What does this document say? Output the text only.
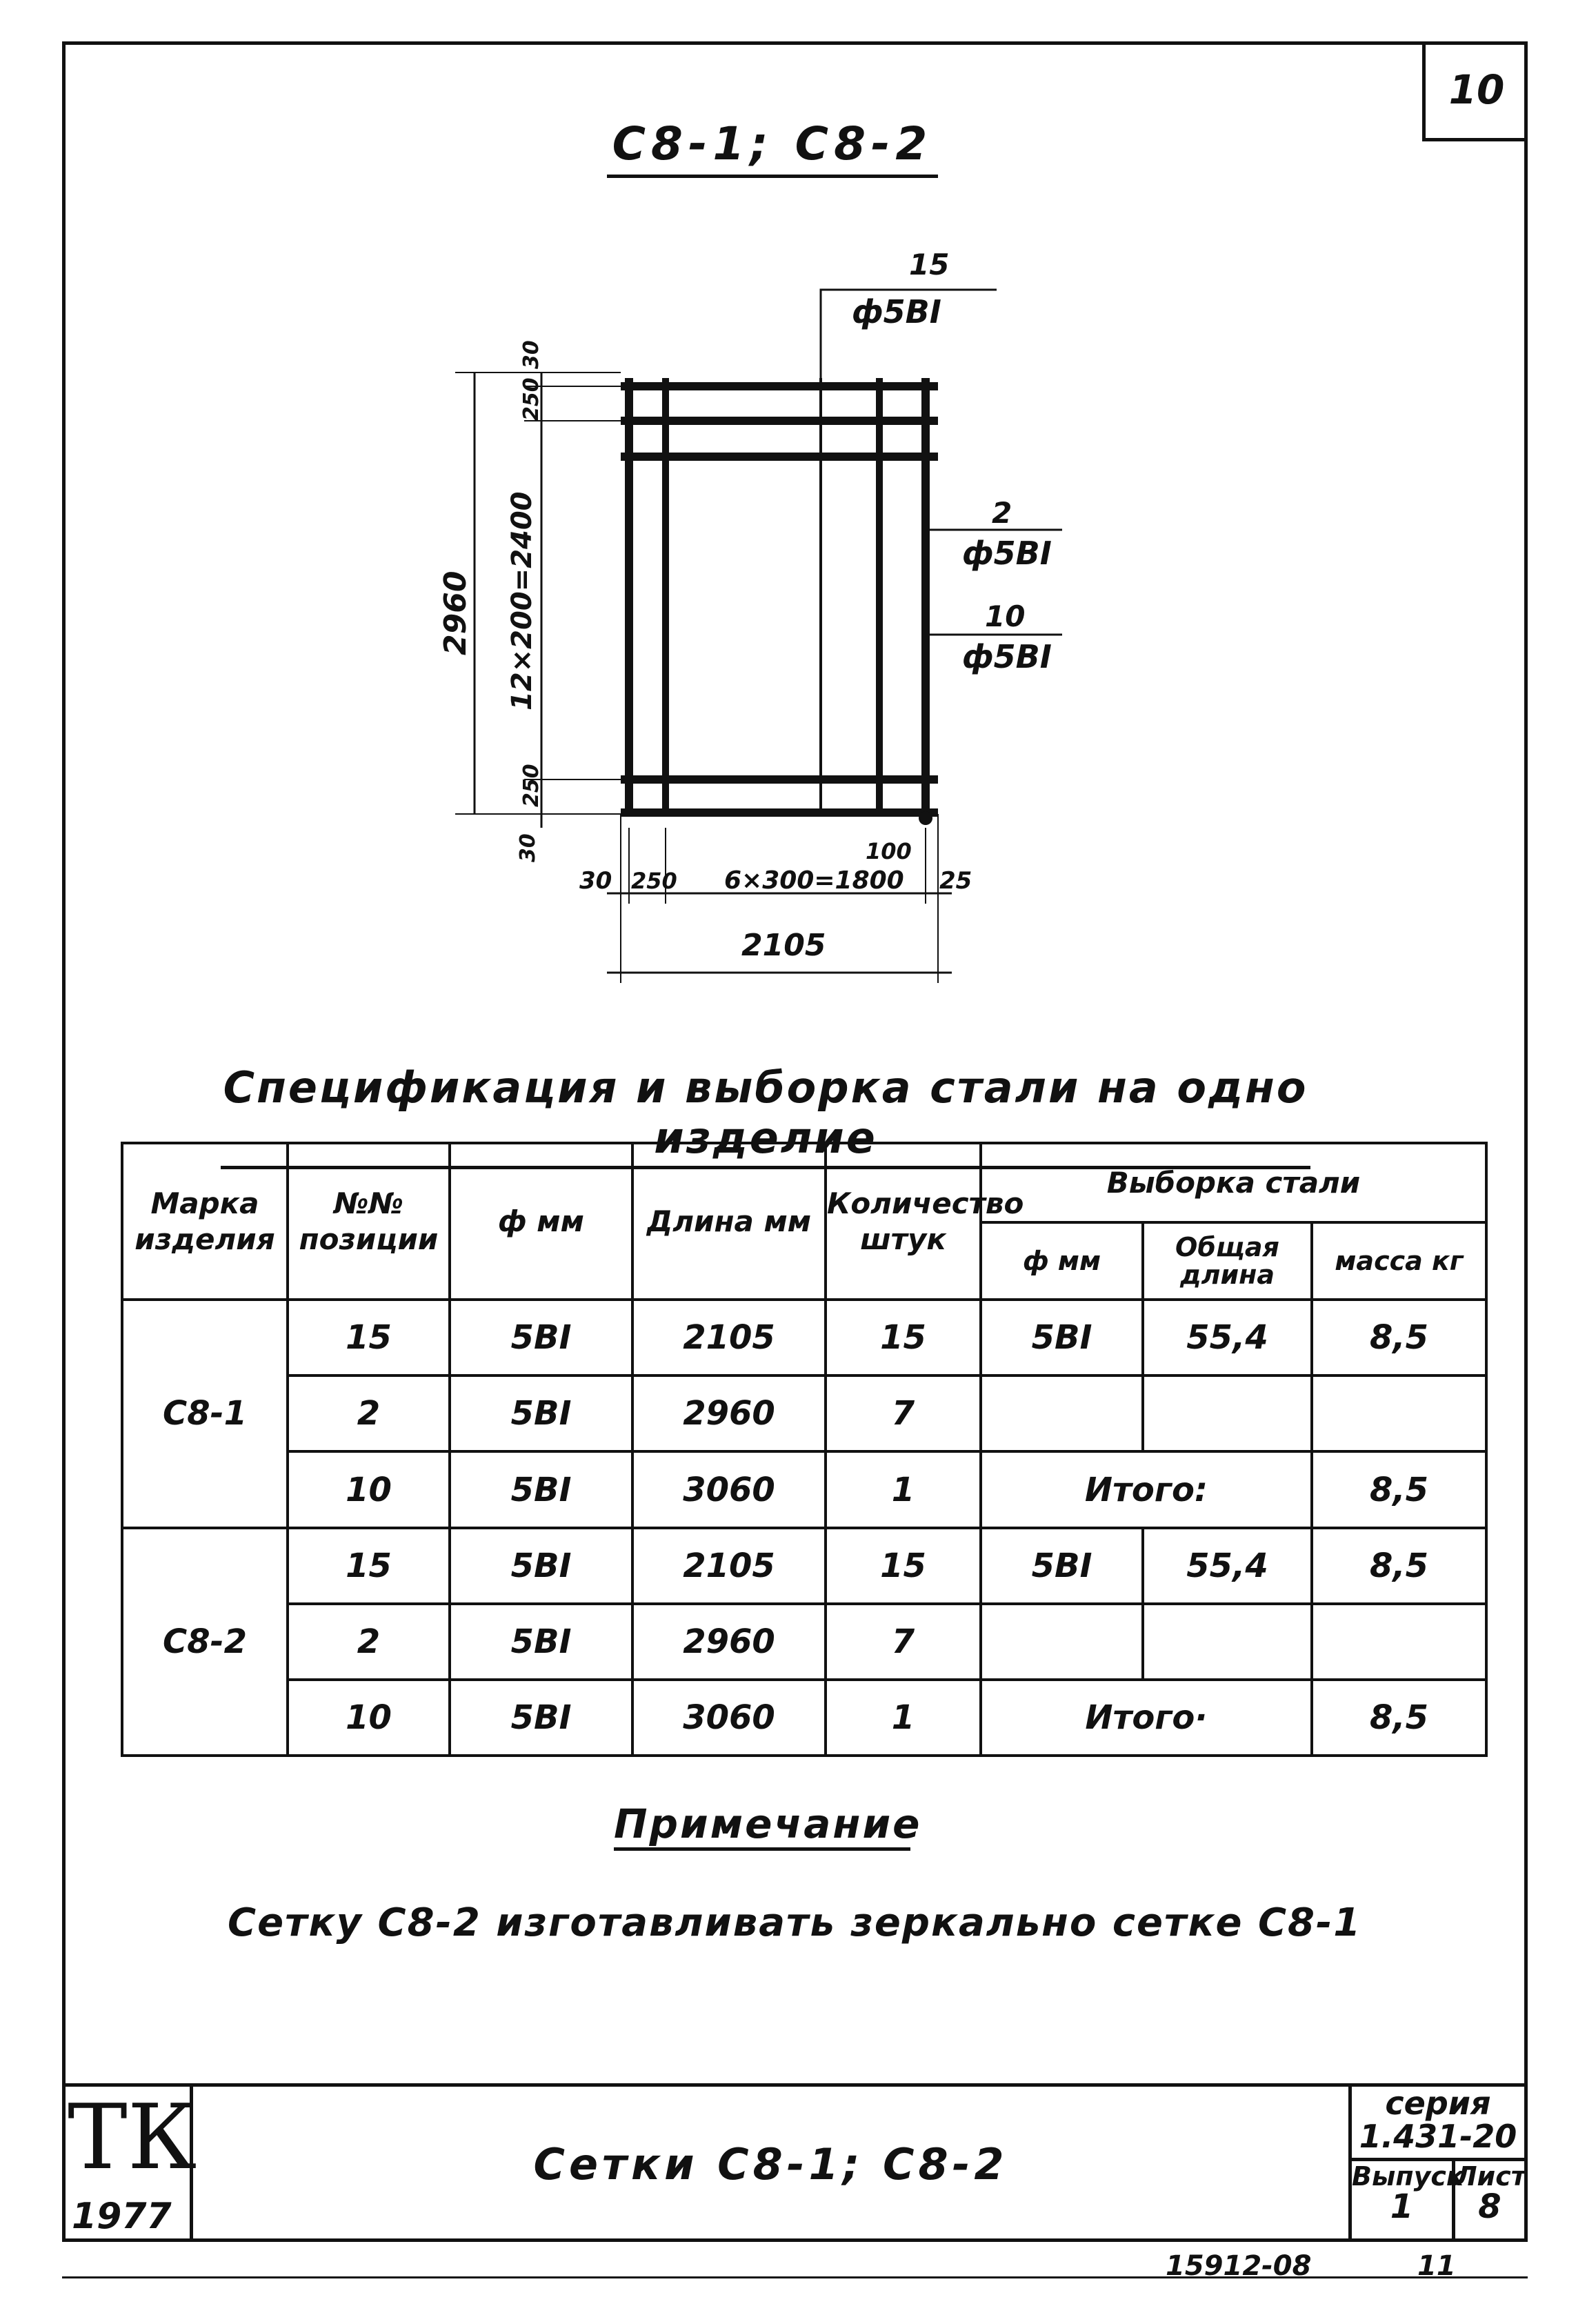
10
С8-1; С8-2
15
ф5ВI
2
ф5ВI
10
ф5ВI
2960 12×200=2400
250
30
250
30
30 250 6×300=1800
100
25
2105
Спецификация и выборка стали на одно изделие
Марка изделия	№№ позиции	ф мм	Длина мм	Количество штук	Выборка стали		
					ф мм	Общая длина	масса кг
С8-1	15	5ВI	2105	15	5ВI	55,4	8,5
	2	5ВI	2960	7			
	10	5ВI	3060	1	Итого:		8,5
С8-2	15	5ВI	2105	15	5ВI	55,4	8,5
	2	5ВI	2960	7			
	10	5ВI	3060	1	Итого·		8,5
Примечание
Сетку С8-2 изготавливать зеркально сетке С8-1
ТК
1977
Сетки С8-1; С8-2
серия
1.431-20
Выпуск
1
Лист
8
15912-08	11
